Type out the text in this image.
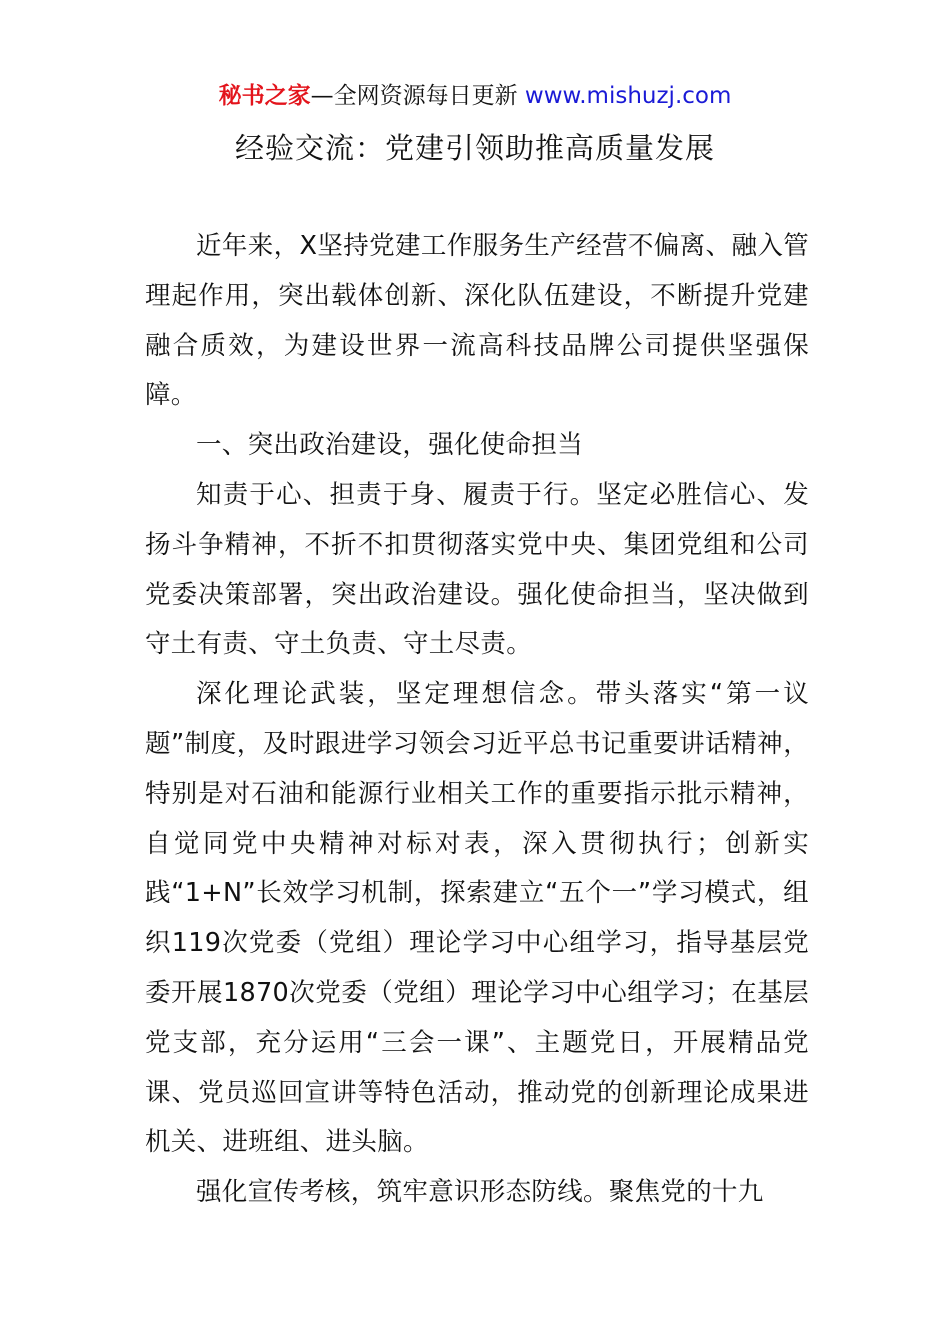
秘书之家—全网资源每日更新 www.mishuzj.com
经验交流：党建引领助推高质量发展

近年来，X坚持党建工作服务生产经营不偏离、融入管理起作用，突出载体创新、深化队伍建设，不断提升党建融合质效，为建设世界一流高科技品牌公司提供坚强保障。

一、突出政治建设，强化使命担当

知责于心、担责于身、履责于行。坚定必胜信心、发扬斗争精神，不折不扣贯彻落实党中央、集团党组和公司党委决策部署，突出政治建设。强化使命担当，坚决做到守土有责、守土负责、守土尽责。

深化理论武装，坚定理想信念。带头落实“第一议题”制度，及时跟进学习领会习近平总书记重要讲话精神，特别是对石油和能源行业相关工作的重要指示批示精神，自觉同党中央精神对标对表，深入贯彻执行；创新实践“1+N”长效学习机制，探索建立“五个一”学习模式，组织119次党委（党组）理论学习中心组学习，指导基层党委开展1870次党委（党组）理论学习中心组学习；在基层党支部，充分运用“三会一课”、主题党日，开展精品党课、党员巡回宣讲等特色活动，推动党的创新理论成果进机关、进班组、进头脑。

强化宣传考核，筑牢意识形态防线。聚焦党的十九
